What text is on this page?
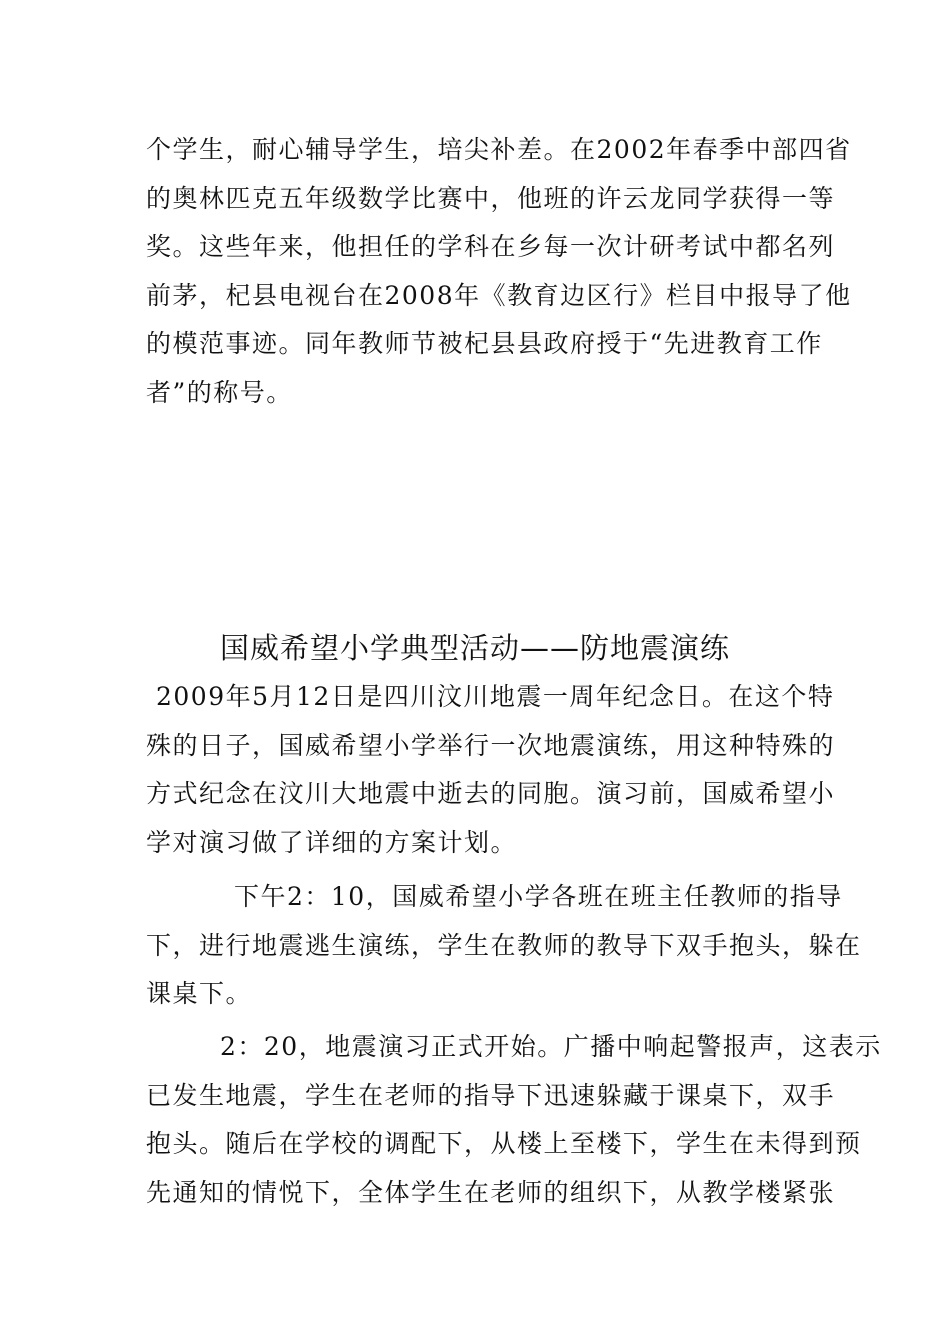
个学生，耐心辅导学生，培尖补差。在2002年春季中部四省
的奥林匹克五年级数学比赛中，他班的许云龙同学获得一等
奖。这些年来，他担任的学科在乡每一次计研考试中都名列
前茅，杞县电视台在2008年《教育边区行》栏目中报导了他
的模范事迹。同年教师节被杞县县政府授于“先进教育工作
者”的称号。
国威希望小学典型活动——防地震演练
2009年5月12日是四川汶川地震一周年纪念日。在这个特
殊的日子，国威希望小学举行一次地震演练，用这种特殊的
方式纪念在汶川大地震中逝去的同胞。演习前，国威希望小
学对演习做了详细的方案计划。
下午2：10，国威希望小学各班在班主任教师的指导
下，进行地震逃生演练，学生在教师的教导下双手抱头，躲在
课桌下。
2：20，地震演习正式开始。广播中响起警报声，这表示
已发生地震，学生在老师的指导下迅速躲藏于课桌下，双手
抱头。随后在学校的调配下，从楼上至楼下，学生在未得到预
先通知的情悦下，全体学生在老师的组织下，从教学楼紧张
